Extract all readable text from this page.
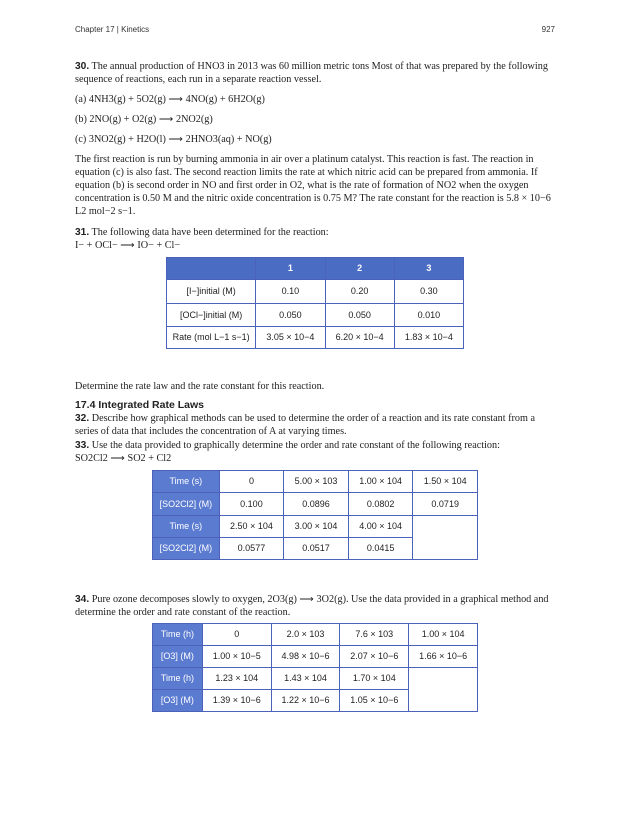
Chapter 17 | Kinetics	927

30. The annual production of HNO3 in 2013 was 60 million metric tons Most of that was prepared by the following sequence of reactions, each run in a separate reaction vessel.

(a) 4NH3(g) + 5O2(g) ⟶ 4NO(g) + 6H2O(g)

(b) 2NO(g) + O2(g) ⟶ 2NO2(g)

(c) 3NO2(g) + H2O(l) ⟶ 2HNO3(aq) + NO(g)

The first reaction is run by burning ammonia in air over a platinum catalyst. This reaction is fast. The reaction in equation (c) is also fast. The second reaction limits the rate at which nitric acid can be prepared from ammonia. If equation (b) is second order in NO and first order in O2, what is the rate of formation of NO2 when the oxygen concentration is 0.50 M and the nitric oxide concentration is 0.75 M? The rate constant for the reaction is 5.8 × 10−6 L2 mol−2 s−1.

31. The following data have been determined for the reaction:

I− + OCl− ⟶ IO− + Cl−

	1	2	3
[I−]initial (M)	0.10	0.20	0.30
[OCl−]initial (M)	0.050	0.050	0.010
Rate (mol L−1 s−1)	3.05 × 10−4	6.20 × 10−4	1.83 × 10−4

Determine the rate law and the rate constant for this reaction.

17.4 Integrated Rate Laws

32. Describe how graphical methods can be used to determine the order of a reaction and its rate constant from a series of data that includes the concentration of A at varying times.

33. Use the data provided to graphically determine the order and rate constant of the following reaction:

SO2Cl2 ⟶ SO2 + Cl2

Time (s)	0	5.00 × 103	1.00 × 104	1.50 × 104
[SO2Cl2] (M)	0.100	0.0896	0.0802	0.0719
Time (s)	2.50 × 104	3.00 × 104	4.00 × 104	
[SO2Cl2] (M)	0.0577	0.0517	0.0415	

34. Pure ozone decomposes slowly to oxygen, 2O3(g) ⟶ 3O2(g). Use the data provided in a graphical method and determine the order and rate constant of the reaction.

Time (h)	0	2.0 × 103	7.6 × 103	1.00 × 104
[O3] (M)	1.00 × 10−5	4.98 × 10−6	2.07 × 10−6	1.66 × 10−6
Time (h)	1.23 × 104	1.43 × 104	1.70 × 104	
[O3] (M)	1.39 × 10−6	1.22 × 10−6	1.05 × 10−6	
